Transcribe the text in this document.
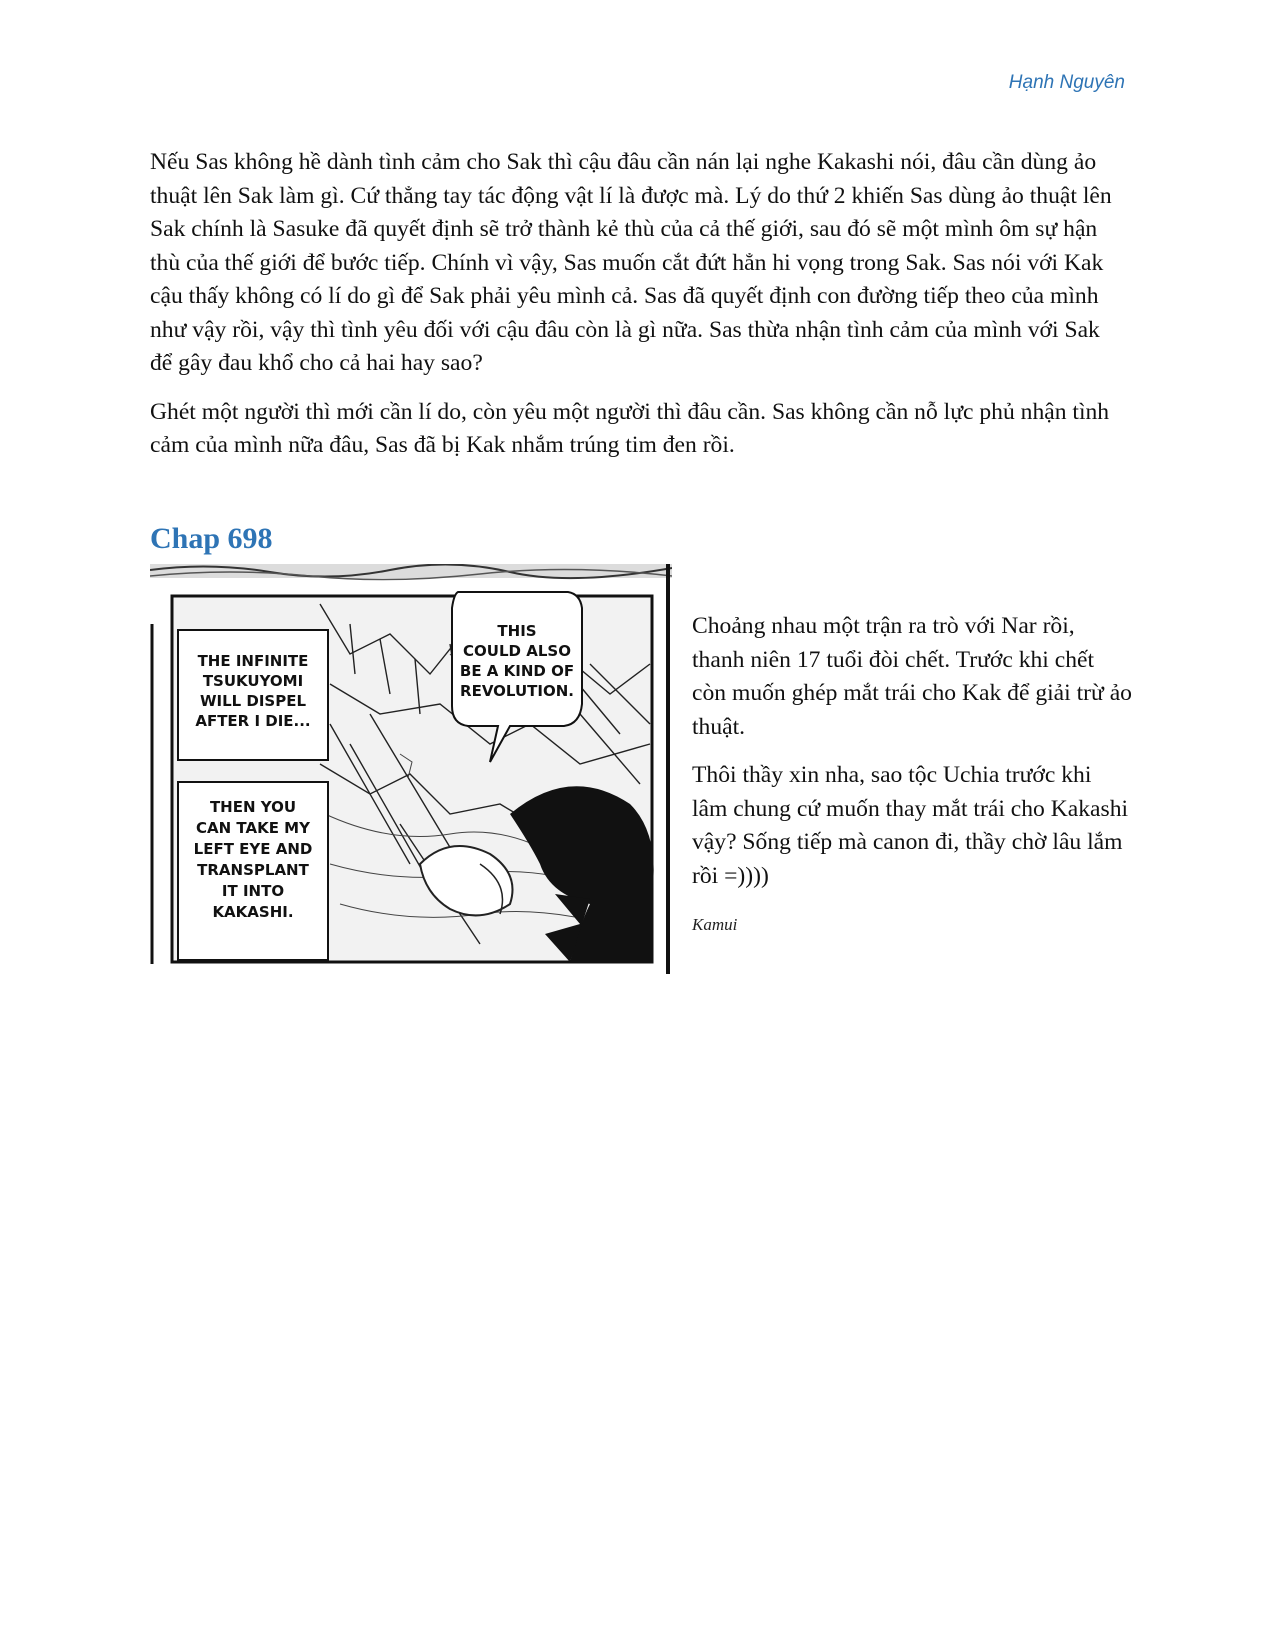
Hạnh Nguyên

Nếu Sas không hề dành tình cảm cho Sak thì cậu đâu cần nán lại nghe Kakashi nói, đâu cần dùng ảo thuật lên Sak làm gì. Cứ thẳng tay tác động vật lí là được mà. Lý do thứ 2 khiến Sas dùng ảo thuật lên Sak chính là Sasuke đã quyết định sẽ trở thành kẻ thù của cả thế giới, sau đó sẽ một mình ôm sự hận thù của thế giới để bước tiếp. Chính vì vậy, Sas muốn cắt đứt hẳn hi vọng trong Sak. Sas nói với Kak cậu thấy không có lí do gì để Sak phải yêu mình cả. Sas đã quyết định con đường tiếp theo của mình như vậy rồi, vậy thì tình yêu đối với cậu đâu còn là gì nữa. Sas thừa nhận tình cảm của mình với Sak để gây đau khổ cho cả hai hay sao?

Ghét một người thì mới cần lí do, còn yêu một người thì đâu cần. Sas không cần nỗ lực phủ nhận tình cảm của mình nữa đâu, Sas đã bị Kak nhắm trúng tim đen rồi.

Chap 698
THE INFINITE
TSUKUYOMI
WILL DISPEL
AFTER I DIE...
THEN YOU
CAN TAKE MY
LEFT EYE AND
TRANSPLANT
IT INTO
KAKASHI.
THIS
COULD ALSO
BE A KIND OF
REVOLUTION.

Choảng nhau một trận ra trò với Nar rồi, thanh niên 17 tuổi đòi chết. Trước khi chết còn muốn ghép mắt trái cho Kak để giải trừ ảo thuật.

Thôi thầy xin nha, sao tộc Uchia trước khi lâm chung cứ muốn thay mắt trái cho Kakashi vậy? Sống tiếp mà canon đi, thầy chờ lâu lắm rồi =))))

Kamui
